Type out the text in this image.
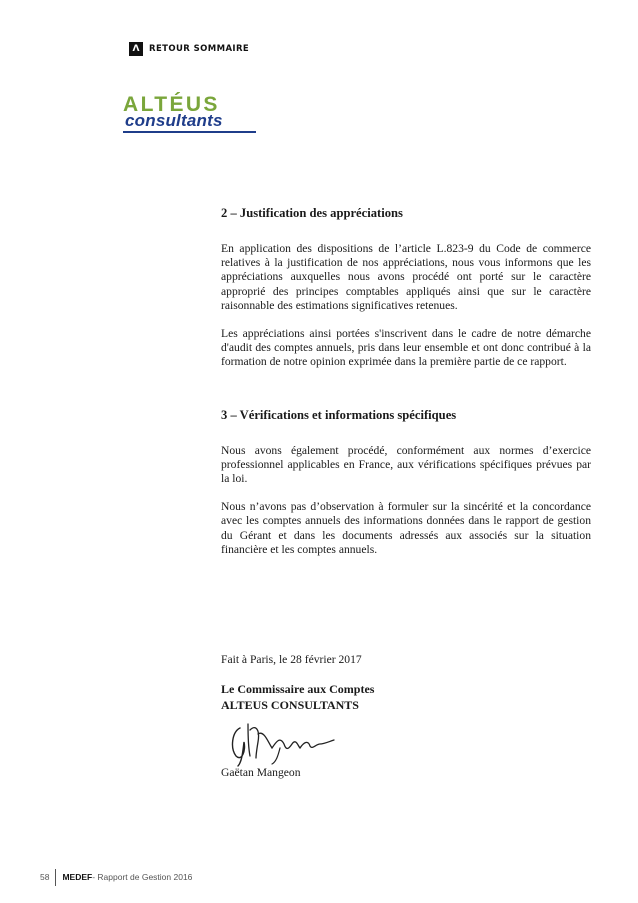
Λ	RETOUR SOMMAIRE
ALTÉUS
consultants
2 – Justification des appréciations

En application des dispositions de l’article L.823-9 du Code de commerce relatives à la justification de nos appréciations, nous vous informons que les appréciations auxquelles nous avons procédé ont porté sur le caractère approprié des principes comptables appliqués ainsi que sur le caractère raisonnable des estimations significatives retenues.

Les appréciations ainsi portées s'inscrivent dans le cadre de notre démarche d'audit des comptes annuels, pris dans leur ensemble et ont donc contribué à la formation de notre opinion exprimée dans la première partie de ce rapport.

3 – Vérifications et informations spécifiques

Nous avons également procédé, conformément aux normes d’exercice professionnel applicables en France, aux vérifications spécifiques prévues par la loi.

Nous n’avons pas d’observation à formuler sur la sincérité et la concordance avec les comptes annuels des informations données dans le rapport de gestion du Gérant et dans les documents adressés aux associés sur la situation financière et les comptes annuels.

Fait à Paris, le 28 février 2017
Le Commissaire aux Comptes
ALTEUS CONSULTANTS
Gaëtan Mangeon
58 MEDEF - Rapport de Gestion 2016
